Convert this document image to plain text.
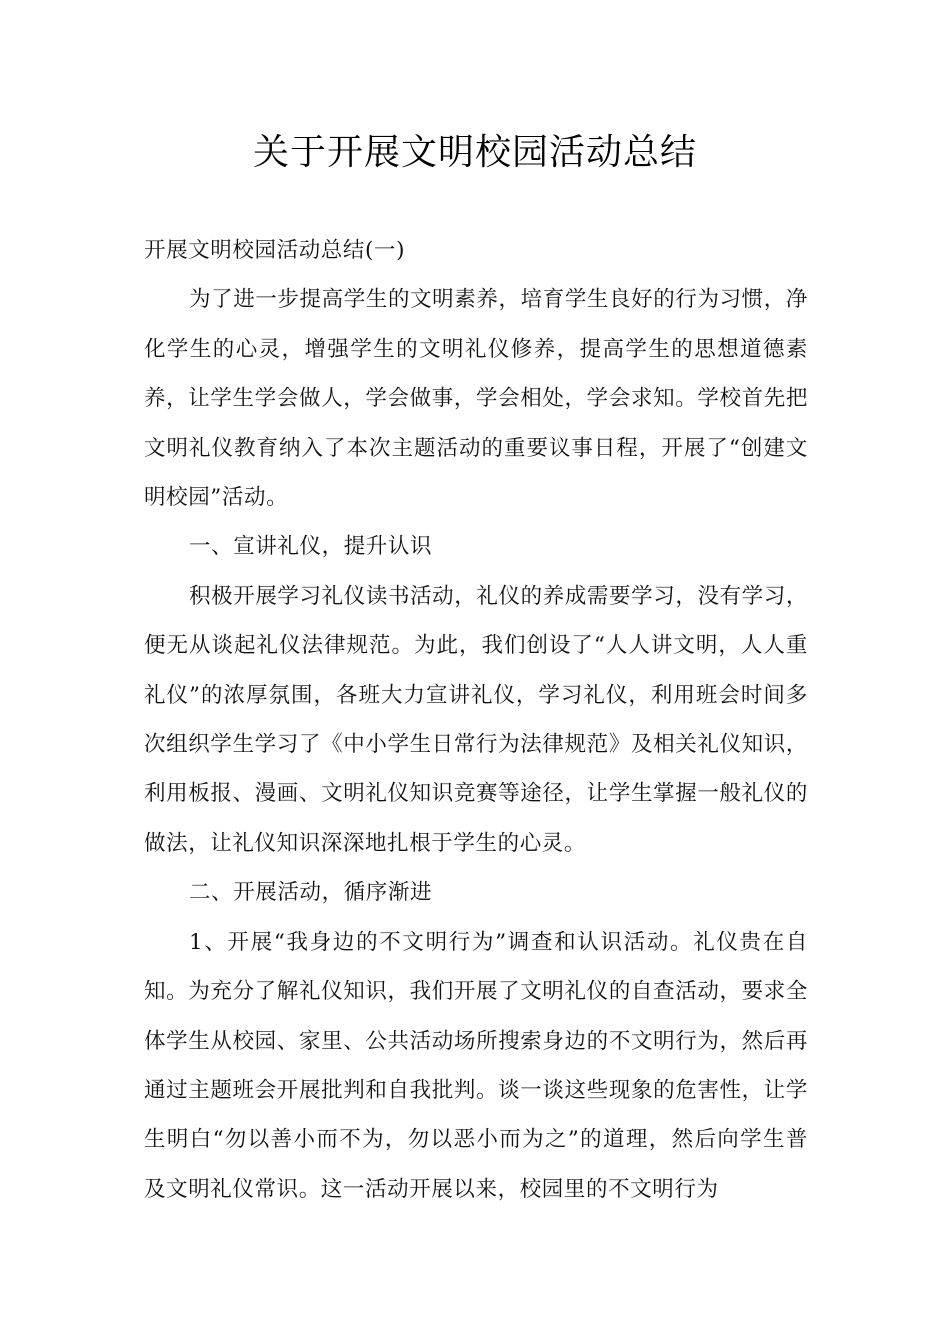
关于开展文明校园活动总结

开展文明校园活动总结(一)

为了进一步提高学生的文明素养，培育学生良好的行为习惯，净化学生的心灵，增强学生的文明礼仪修养，提高学生的思想道德素养，让学生学会做人，学会做事，学会相处，学会求知。学校首先把文明礼仪教育纳入了本次主题活动的重要议事日程，开展了“创建文明校园”活动。

一、宣讲礼仪，提升认识

积极开展学习礼仪读书活动，礼仪的养成需要学习，没有学习，便无从谈起礼仪法律规范。为此，我们创设了“人人讲文明，人人重礼仪”的浓厚氛围，各班大力宣讲礼仪，学习礼仪，利用班会时间多次组织学生学习了《中小学生日常行为法律规范》及相关礼仪知识，利用板报、漫画、文明礼仪知识竞赛等途径，让学生掌握一般礼仪的做法，让礼仪知识深深地扎根于学生的心灵。

二、开展活动，循序渐进

1、开展“我身边的不文明行为”调查和认识活动。礼仪贵在自知。为充分了解礼仪知识，我们开展了文明礼仪的自查活动，要求全体学生从校园、家里、公共活动场所搜索身边的不文明行为，然后再通过主题班会开展批判和自我批判。谈一谈这些现象的危害性，让学生明白“勿以善小而不为，勿以恶小而为之”的道理，然后向学生普及文明礼仪常识。这一活动开展以来，校园里的不文明行为
